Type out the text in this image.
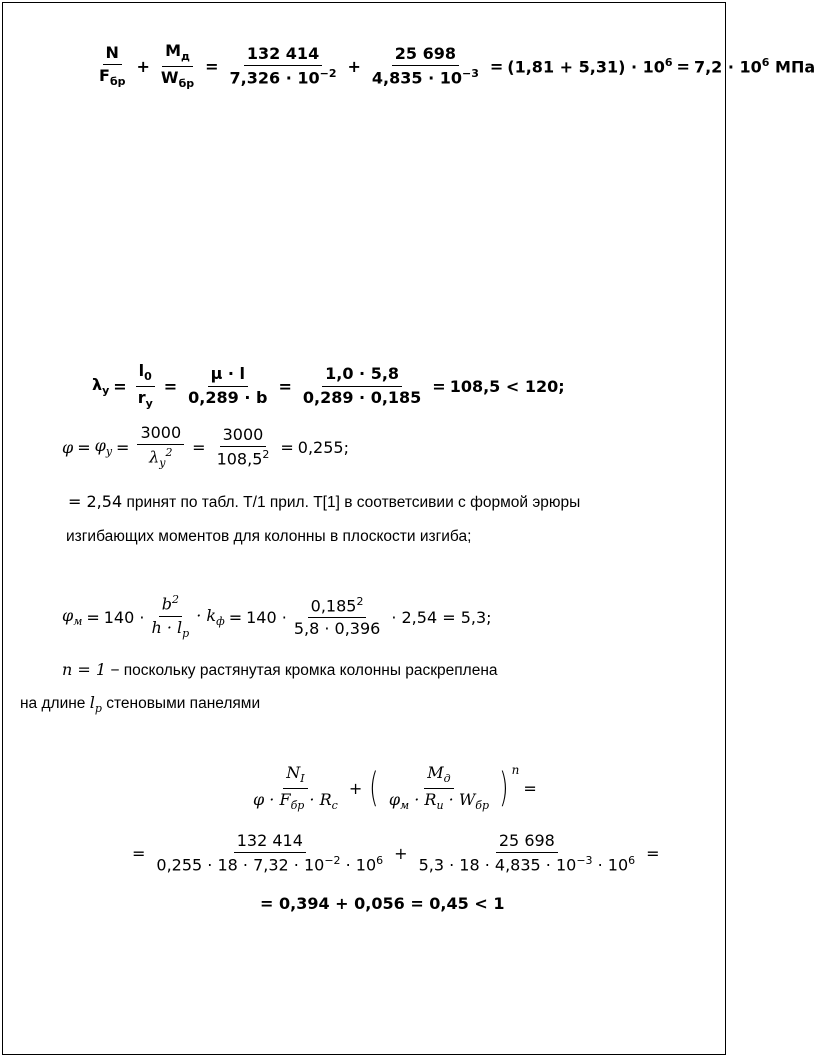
$\frac{N}{F_{бр}} + \frac{M_д}{W_{бр}} = \frac{132 414}{7,326 \cdot 10^{-2}} + \frac{25 698}{4,835 \cdot 10^{-3}} = (1,81 + 5,31) \cdot 10^6 = 7,2 \cdot 10^6$ МПа
$\lambda_y = \frac{l_0}{r_y} = \frac{\mu \cdot l}{0,289 \cdot b} = \frac{1,0 \cdot 5,8}{0,289 \cdot 0,185} = 108,5 < 120$;
$\varphi = \varphi_y = \frac{3000}{\lambda_y^2} = \frac{3000}{108,5^2} = 0,255$;
= 2,54 принят по табл. Т/1 прил. Т[1] в соответсивии с формой эрюры
изгибающих моментов для колонны в плоскости изгиба;
$\varphi_м = 140 \cdot \frac{b^2}{h \cdot l_p} \cdot k_ф = 140 \cdot \frac{0,185^2}{5,8 \cdot 0,396} \cdot 2,54 = 5,3$;
n = 1 − поскольку растянутая кромка колонны раскреплена
на длине $l_p$ стеновыми панелями
$\frac{N_I}{\varphi \cdot F_{бр} \cdot R_с}$ + ( $\frac{M_д}{\varphi_м \cdot R_u \cdot W_{бр}}$ ) $^n$
=
= $\frac{132 414}{0,255 \cdot 18 \cdot 7,32 \cdot 10^{-2} \cdot 10^6} + \frac{25 698}{5,3 \cdot 18 \cdot 4,835 \cdot 10^{-3} \cdot 10^6}$ =
= 0,394 + 0,056 = 0,45 < 1
